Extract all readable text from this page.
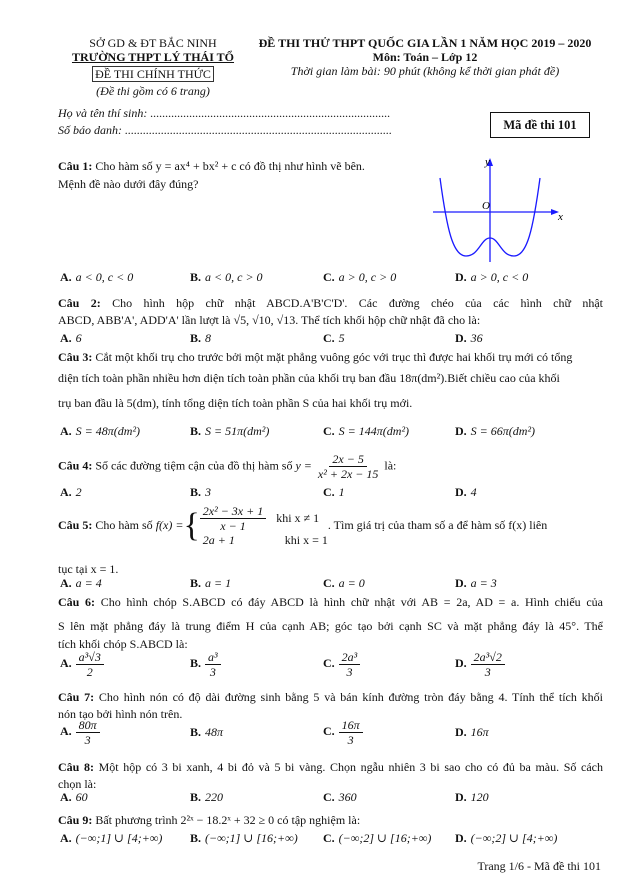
SỞ GD & ĐT BẮC NINH
TRƯỜNG THPT LÝ THÁI TỔ
ĐỀ THI CHÍNH THỨC
(Đề thi gồm có 6 trang)
ĐỀ THI THỬ THPT QUỐC GIA LẦN 1 NĂM HỌC 2019 – 2020
Môn: Toán – Lớp 12
Thời gian làm bài: 90 phút (không kể thời gian phát đề)
Họ và tên thí sinh: ................................................................................
Số báo danh: .........................................................................................	Mã đề thi 101
y
x
O
Câu 1: Cho hàm số y = ax⁴ + bx² + c có đồ thị như hình vẽ bên.
Mệnh đề nào dưới đây đúng?
A. a < 0, c < 0	B. a < 0, c > 0	C. a > 0, c > 0	D. a > 0, c < 0
Câu 2: Cho hình hộp chữ nhật ABCD.A'B'C'D'. Các đường chéo của các hình chữ nhật
ABCD, ABB'A', ADD'A' lần lượt là √5, √10, √13. Thể tích khối hộp chữ nhật đã cho là:
A. 6	B. 8	C. 5	D. 36
Câu 3: Cắt một khối trụ cho trước bởi một mặt phẳng vuông góc với trục thì được hai khối trụ mới có tổng
diện tích toàn phần nhiều hơn diện tích toàn phần của khối trụ ban đầu 18π(dm²).Biết chiều cao của khối
trụ ban đầu là 5(dm), tính tổng diện tích toàn phần S của hai khối trụ mới.
A. S = 48π(dm²)	B. S = 51π(dm²)	C. S = 144π(dm²)	D. S = 66π(dm²)
Câu 4: Số các đường tiệm cận của đồ thị hàm số $y = \frac{2x - 5}{\text{x² + 2x − 15}}$ là:
A. 2	B. 3	C. 1	D. 4
Câu 5: Cho hàm số f(x) ={ $\frac{\text{2x² − 3x + 1}}{x - 1}$ khi x ≠ 1
2a + 1	khi x = 1
. Tìm giá trị của tham số a để hàm số f(x) liên
tục tại x = 1.
A. a = 4	B. a = 1	C. a = 0	D. a = 3
Câu 6: Cho hình chóp S.ABCD có đáy ABCD là hình chữ nhật với AB = 2a, AD = a. Hình chiếu của
S lên mặt phẳng đáy là trung điểm H của cạnh AB; góc tạo bởi cạnh SC và mặt phẳng đáy là 45°. Thể
tích khối chóp S.ABCD là:
A. $\frac{\text{a³√3}}{2}$	B. $\frac{\text{a³}}{3}$	C. $\frac{\text{2a³}}{3}$	D. $\frac{\text{2a³√2}}{3}$
Câu 7: Cho hình nón có độ dài đường sinh bằng 5 và bán kính đường tròn đáy bằng 4. Tính thể tích khối
nón tạo bởi hình nón trên.
A. $\frac{80\pi}{3}$	B. 48π	C. $\frac{16\pi}{3}$	D. 16π
Câu 8: Một hộp có 3 bi xanh, 4 bi đỏ và 5 bi vàng. Chọn ngẫu nhiên 3 bi sao cho có đủ ba màu. Số cách
chọn là:
A. 60	B. 220	C. 360	D. 120
Câu 9: Bất phương trình 2²ˣ − 18.2ˣ + 32 ≥ 0 có tập nghiệm là:
A. (−∞;1] ∪ [4;+∞) B. (−∞;1] ∪ [16;+∞) C. (−∞;2] ∪ [16;+∞) D. (−∞;2] ∪ [4;+∞)
Trang 1/6 - Mã đề thi 101
